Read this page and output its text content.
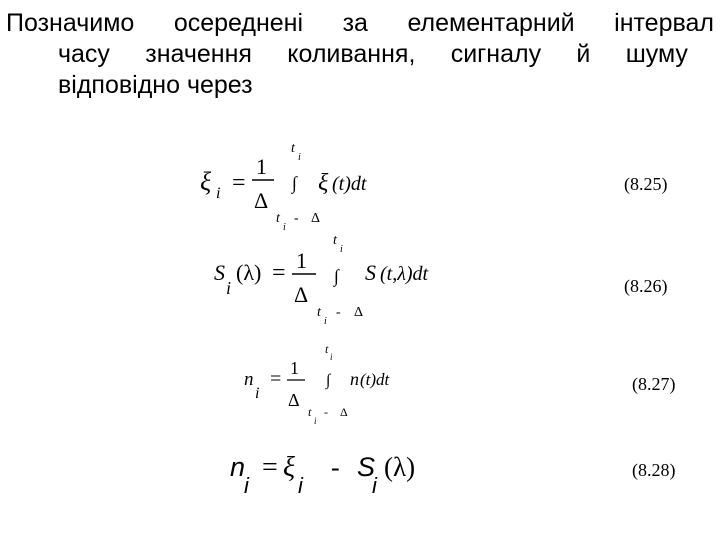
Позначимо осереднені за елементарний інтервал
часу значення коливання, сигналу й шуму
відповідно через
ξ i =
1
Δ
t
i
∫
t
i
- Δ
ξ (t)dt	(8.25)
S
i
(λ) = 1
Δ
t
i
∫
t
i
- Δ
S (t,λ)dt
(8.26)
n
i
= 1
Δ
t
i
∫
t
i
- Δ
n (t)dt	(8.27)
n
i
= ξ
i
- S
i
(λ)	(8.28)
